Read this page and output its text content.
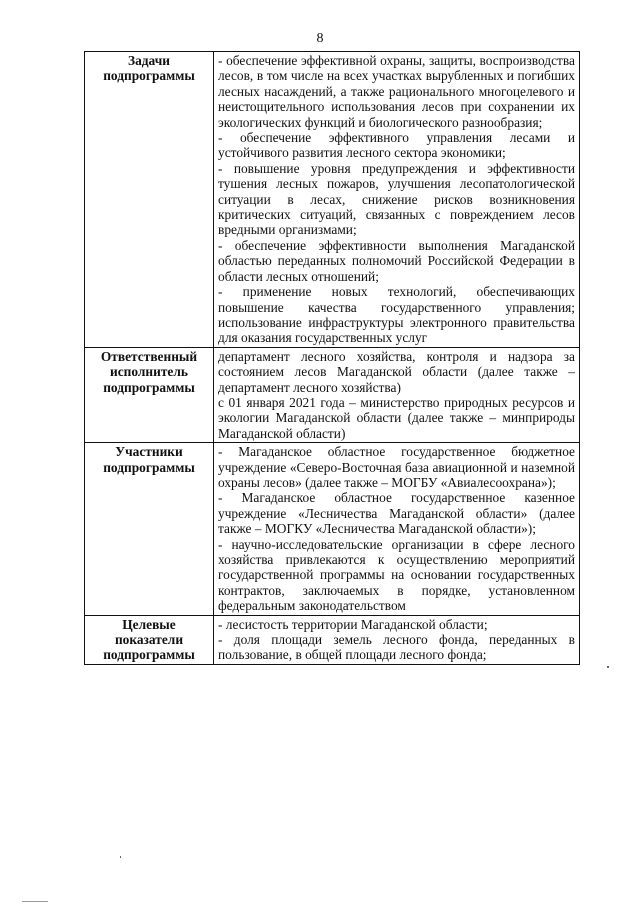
8
Задачи подпрограммы	- обеспечение эффективной охраны, защиты, воспроизводства лесов, в том числе на всех участках вырубленных и погибших лесных насаждений, а также рационального многоцелевого и неистощительного использования лесов при сохранении их экологических функций и биологического разнообразия;
- обеспечение эффективного управления лесами и устойчивого развития лесного сектора экономики;
- повышение уровня предупреждения и эффективности тушения лесных пожаров, улучшения лесопатологической ситуации в лесах, снижение рисков возникновения критических ситуаций, связанных с повреждением лесов вредными организмами;
- обеспечение эффективности выполнения Магаданской областью переданных полномочий Российской Федерации в области лесных отношений;
- применение новых технологий, обеспечивающих повышение качества государственного управления; использование инфраструктуры электронного правительства для оказания государственных услуг

Ответственный исполнитель подпрограммы	департамент лесного хозяйства, контроля и надзора за состоянием лесов Магаданской области (далее также – департамент лесного хозяйства)
с 01 января 2021 года – министерство природных ресурсов и экологии Магаданской области (далее также – минприроды Магаданской области)

Участники подпрограммы	- Магаданское областное государственное бюджетное учреждение «Северо-Восточная база авиационной и наземной охраны лесов» (далее также – МОГБУ «Авиалесоохрана»);
- Магаданское областное государственное казенное учреждение «Лесничества Магаданской области» (далее также – МОГКУ «Лесничества Магаданской области»);
- научно-исследовательские организации в сфере лесного хозяйства привлекаются к осуществлению мероприятий государственной программы на основании государственных контрактов, заключаемых в порядке, установленном федеральным законодательством

Целевые показатели подпрограммы	- лесистость территории Магаданской области;
- доля площади земель лесного фонда, переданных в пользование, в общей площади лесного фонда;
